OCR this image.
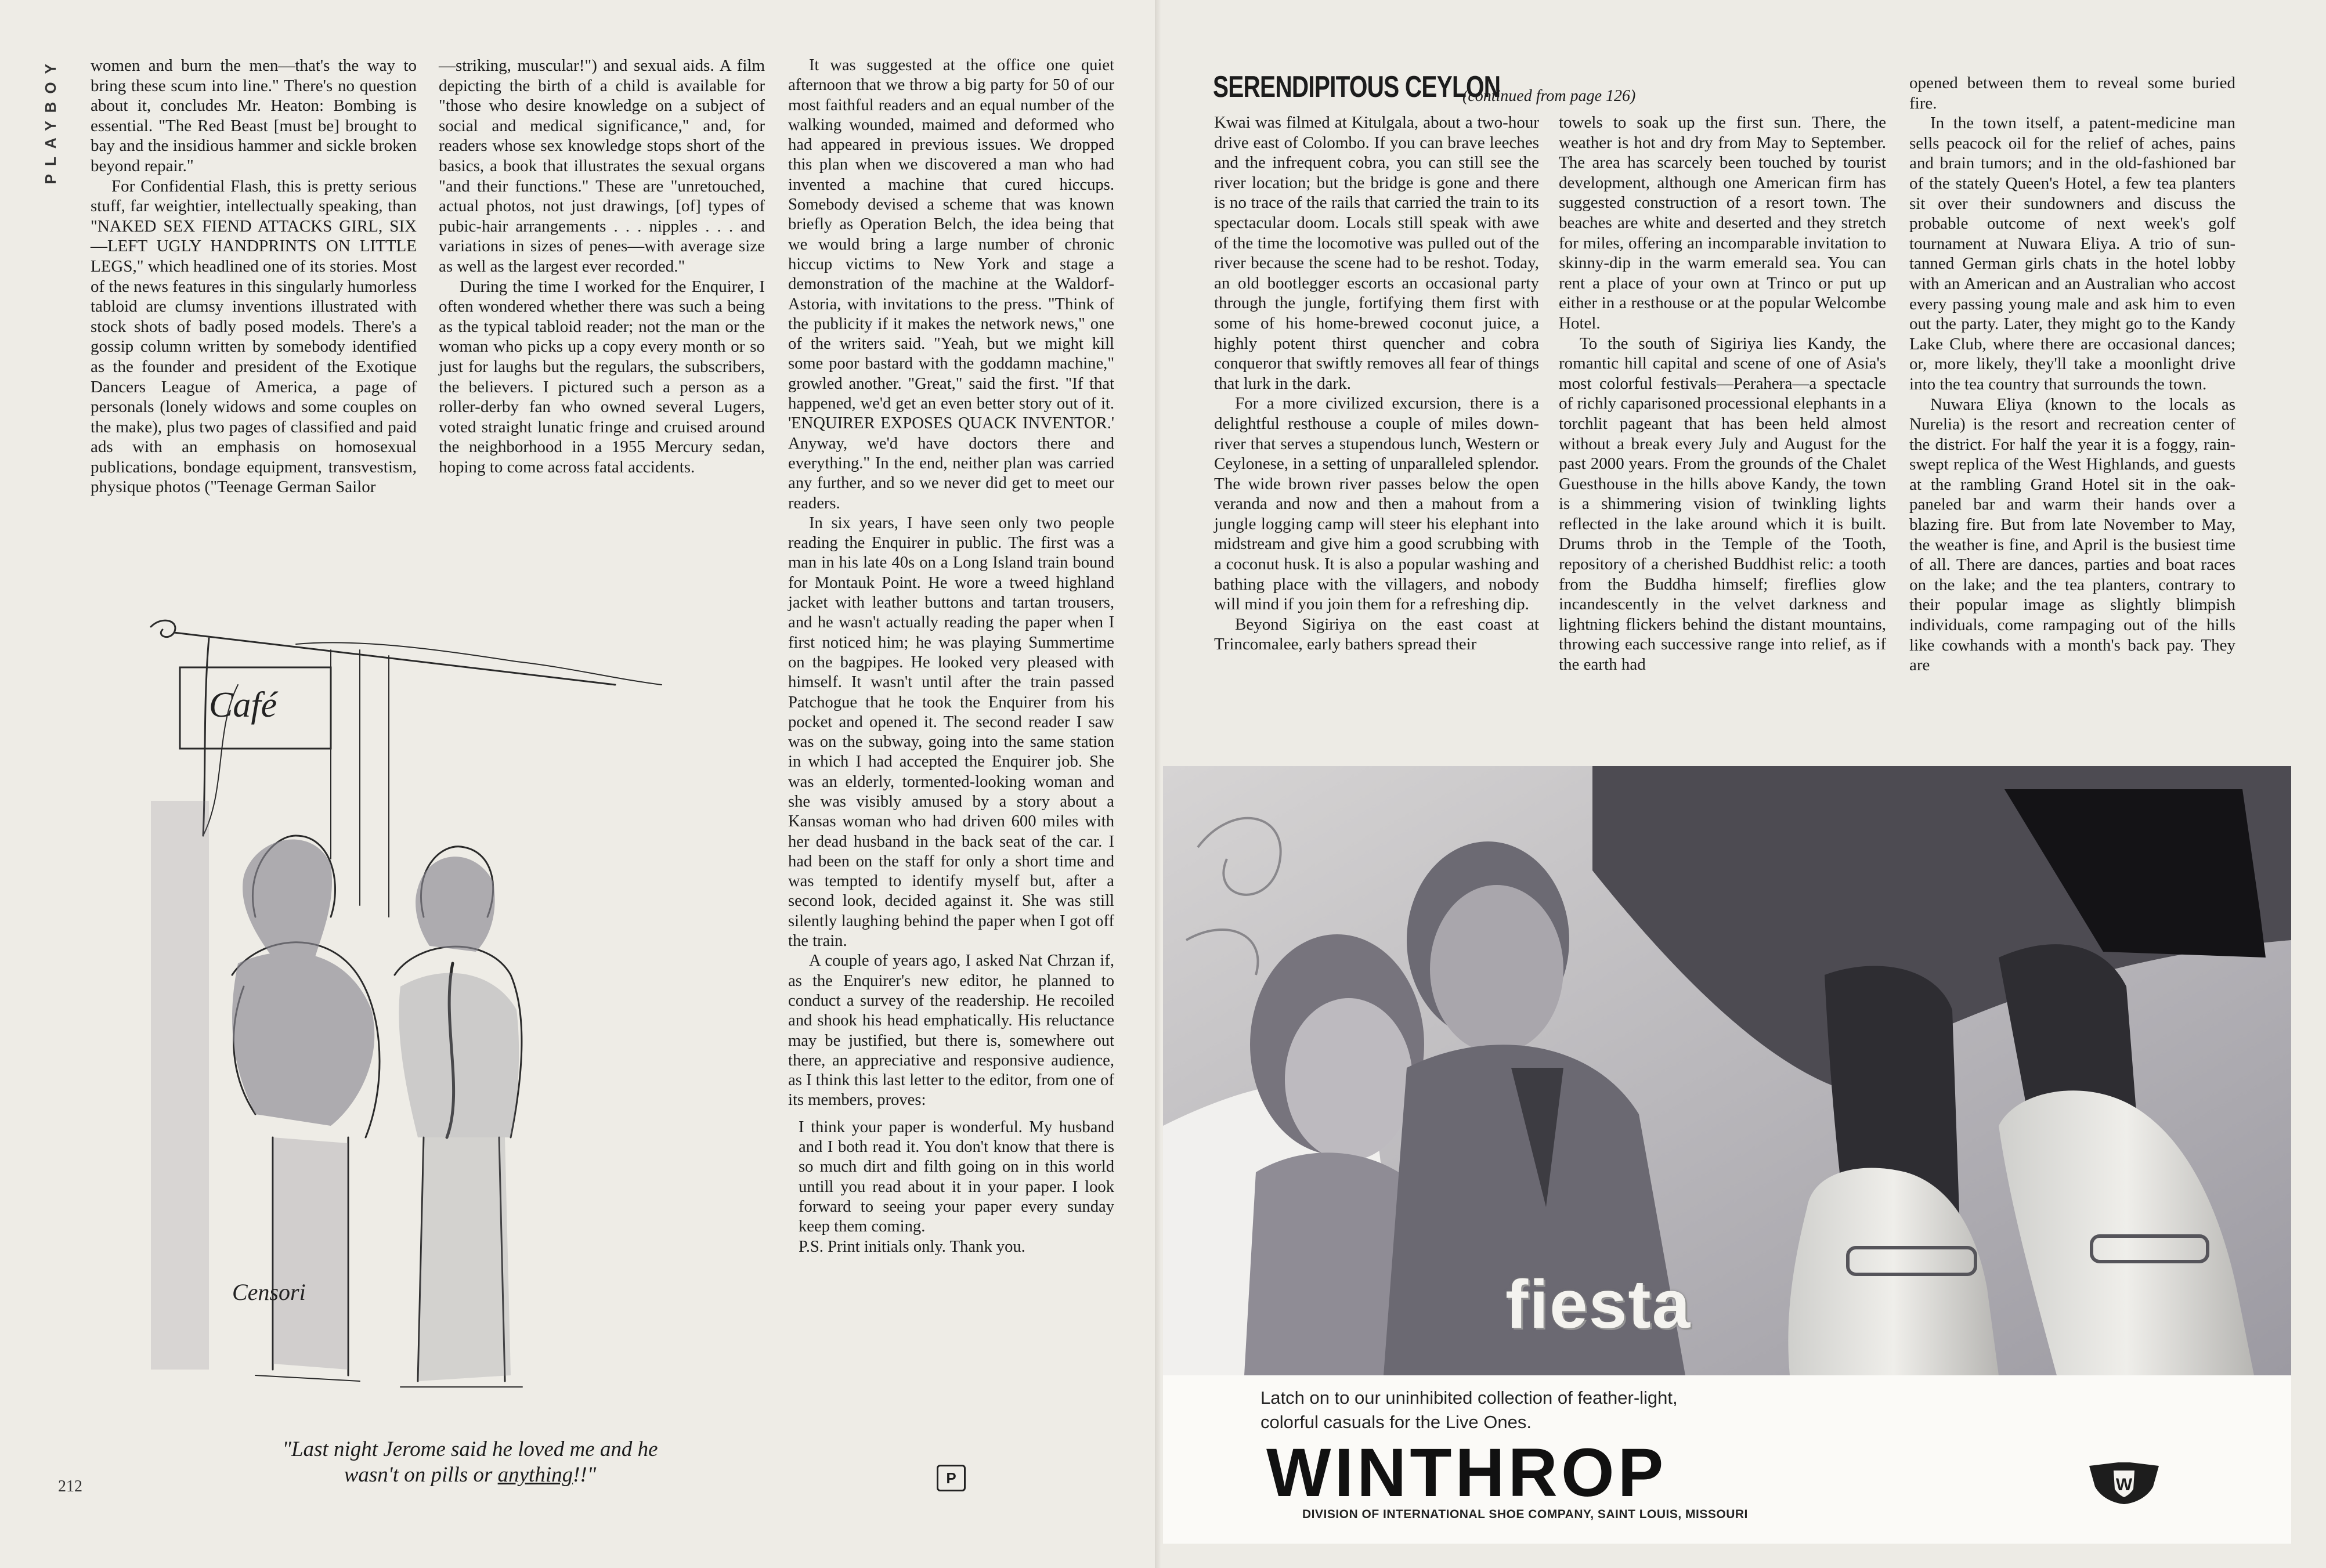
PLAYBOY	women and burn the men—that's the way to bring these scum into line." There's no question about it, concludes Mr. Heaton: Bombing is essential. "The Red Beast [must be] brought to bay and the insidious hammer and sickle broken beyond repair."

For Confidential Flash, this is pretty serious stuff, far weightier, intellectually speaking, than "NAKED SEX FIEND ATTACKS GIRL, SIX—LEFT UGLY HANDPRINTS ON LITTLE LEGS," which headlined one of its stories. Most of the news features in this singularly humorless tabloid are clumsy inventions illustrated with stock shots of badly posed models. There's a gossip column written by somebody identified as the founder and president of the Exotique Dancers League of America, a page of personals (lonely widows and some couples on the make), plus two pages of classified and paid ads with an emphasis on homosexual publications, bondage equipment, transvestism, physique photos ("Teenage German Sailor

—striking, muscular!") and sexual aids. A film depicting the birth of a child is available for "those who desire knowledge on a subject of social and medical significance," and, for readers whose sex knowledge stops short of the basics, a book that illustrates the sexual organs "and their functions." These are "unretouched, actual photos, not just drawings, [of] types of pubic-hair arrangements . . . nipples . . . and variations in sizes of penes—with average size as well as the largest ever recorded."

During the time I worked for the Enquirer, I often wondered whether there was such a being as the typical tabloid reader; not the man or the woman who picks up a copy every month or so just for laughs but the regulars, the subscribers, the believers. I pictured such a person as a roller-derby fan who owned several Lugers, voted straight lunatic fringe and cruised around the neighborhood in a 1955 Mercury sedan, hoping to come across fatal accidents.

It was suggested at the office one quiet afternoon that we throw a big party for 50 of our most faithful readers and an equal number of the walking wounded, maimed and deformed who had appeared in previous issues. We dropped this plan when we discovered a man who had invented a machine that cured hiccups. Somebody devised a scheme that was known briefly as Operation Belch, the idea being that we would bring a large number of chronic hiccup victims to New York and stage a demonstration of the machine at the Waldorf-Astoria, with invitations to the press. "Think of the publicity if it makes the network news," one of the writers said. "Yeah, but we might kill some poor bastard with the goddamn machine," growled another. "Great," said the first. "If that happened, we'd get an even better story out of it. 'ENQUIRER EXPOSES QUACK INVENTOR.' Anyway, we'd have doctors there and everything." In the end, neither plan was carried any further, and so we never did get to meet our readers.

In six years, I have seen only two people reading the Enquirer in public. The first was a man in his late 40s on a Long Island train bound for Montauk Point. He wore a tweed highland jacket with leather buttons and tartan trousers, and he wasn't actually reading the paper when I first noticed him; he was playing Summertime on the bagpipes. He looked very pleased with himself. It wasn't until after the train passed Patchogue that he took the Enquirer from his pocket and opened it. The second reader I saw was on the subway, going into the same station in which I had accepted the Enquirer job. She was an elderly, tormented-looking woman and she was visibly amused by a story about a Kansas woman who had driven 600 miles with her dead husband in the back seat of the car. I had been on the staff for only a short time and was tempted to identify myself but, after a second look, decided against it. She was still silently laughing behind the paper when I got off the train.

A couple of years ago, I asked Nat Chrzan if, as the Enquirer's new editor, he planned to conduct a survey of the readership. He recoiled and shook his head emphatically. His reluctance may be justified, but there is, somewhere out there, an appreciative and responsive audience, as I think this last letter to the editor, from one of its members, proves:

I think your paper is wonderful. My husband and I both read it. You don't know that there is so much dirt and filth going on in this world untill you read about it in your paper. I look forward to seeing your paper every sunday keep them coming.

P.S. Print initials only. Thank you.

Café
Censori
"Last night Jerome said he loved me and he
wasn't on pills or anything!!"
212	P
SERENDIPITOUS CEYLON
(continued from page 126)

Kwai was filmed at Kitulgala, about a two-hour drive east of Colombo. If you can brave leeches and the infrequent cobra, you can still see the river location; but the bridge is gone and there is no trace of the rails that carried the train to its spectacular doom. Locals still speak with awe of the time the locomotive was pulled out of the river because the scene had to be reshot. Today, an old bootlegger escorts an occasional party through the jungle, fortifying them first with some of his home-brewed coconut juice, a highly potent thirst quencher and cobra conqueror that swiftly removes all fear of things that lurk in the dark.

For a more civilized excursion, there is a delightful resthouse a couple of miles down-river that serves a stupendous lunch, Western or Ceylonese, in a setting of unparalleled splendor. The wide brown river passes below the open veranda and now and then a mahout from a jungle logging camp will steer his elephant into midstream and give him a good scrubbing with a coconut husk. It is also a popular washing and bathing place with the villagers, and nobody will mind if you join them for a refreshing dip.

Beyond Sigiriya on the east coast at Trincomalee, early bathers spread their

towels to soak up the first sun. There, the weather is hot and dry from May to September. The area has scarcely been touched by tourist development, although one American firm has suggested construction of a resort town. The beaches are white and deserted and they stretch for miles, offering an incomparable invitation to skinny-dip in the warm emerald sea. You can rent a place of your own at Trinco or put up either in a resthouse or at the popular Welcombe Hotel.

To the south of Sigiriya lies Kandy, the romantic hill capital and scene of one of Asia's most colorful festivals—Perahera—a spectacle of richly caparisoned processional elephants in a torchlit pageant that has been held almost without a break every July and August for the past 2000 years. From the grounds of the Chalet Guesthouse in the hills above Kandy, the town is a shimmering vision of twinkling lights reflected in the lake around which it is built. Drums throb in the Temple of the Tooth, repository of a cherished Buddhist relic: a tooth from the Buddha himself; fireflies glow incandescently in the velvet darkness and lightning flickers behind the distant mountains, throwing each successive range into relief, as if the earth had

opened between them to reveal some buried fire.

In the town itself, a patent-medicine man sells peacock oil for the relief of aches, pains and brain tumors; and in the old-fashioned bar of the stately Queen's Hotel, a few tea planters sit over their sundowners and discuss the probable outcome of next week's golf tournament at Nuwara Eliya. A trio of sun-tanned German girls chats in the hotel lobby with an American and an Australian who accost every passing young male and ask him to even out the party. Later, they might go to the Kandy Lake Club, where there are occasional dances; or, more likely, they'll take a moonlight drive into the tea country that surrounds the town.

Nuwara Eliya (known to the locals as Nurelia) is the resort and recreation center of the district. For half the year it is a foggy, rain-swept replica of the West Highlands, and guests at the rambling Grand Hotel sit in the oak-paneled bar and warm their hands over a blazing fire. But from late November to May, the weather is fine, and April is the busiest time of all. There are dances, parties and boat races on the lake; and the tea planters, contrary to their popular image as slightly blimpish individuals, come rampaging out of the hills like cowhands with a month's back pay. They are

fiesta
Latch on to our uninhibited collection of feather-light,
colorful casuals for the Live Ones.
WINTHROP
DIVISION OF INTERNATIONAL SHOE COMPANY, SAINT LOUIS, MISSOURI
W
